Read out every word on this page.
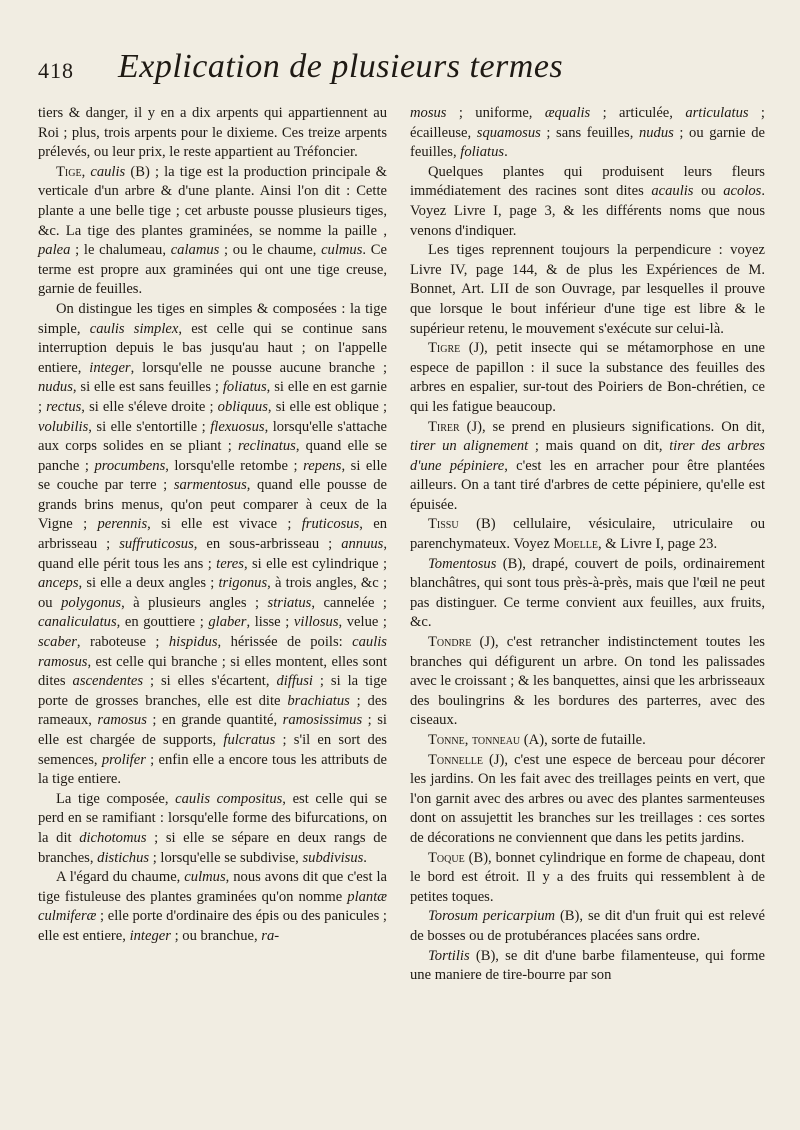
418 Explication de plusieurs termes

tiers & danger, il y en a dix arpents qui appartiennent au Roi ; plus, trois arpents pour le dixieme. Ces treize arpents prélevés, ou leur prix, le reste appartient au Tréfoncier.

Tige, caulis (B) ; la tige est la production principale & verticale d'un arbre & d'une plante. Ainsi l'on dit : Cette plante a une belle tige ; cet arbuste pousse plusieurs tiges, &c. La tige des plantes graminées, se nomme la paille , palea ; le chalumeau, calamus ; ou le chaume, culmus. Ce terme est propre aux graminées qui ont une tige creuse, garnie de feuilles.

On distingue les tiges en simples & composées : la tige simple, caulis simplex, est celle qui se continue sans interruption depuis le bas jusqu'au haut ; on l'appelle entiere, integer, lorsqu'elle ne pousse aucune branche ; nudus, si elle est sans feuilles ; foliatus, si elle en est garnie ; rectus, si elle s'éleve droite ; obliquus, si elle est oblique ; volubilis, si elle s'entortille ; flexuosus, lorsqu'elle s'attache aux corps solides en se pliant ; reclinatus, quand elle se panche ; procumbens, lorsqu'elle retombe ; repens, si elle se couche par terre ; sarmentosus, quand elle pousse de grands brins menus, qu'on peut comparer à ceux de la Vigne ; perennis, si elle est vivace ; fruticosus, en arbrisseau ; suffruticosus, en sous-arbrisseau ; annuus, quand elle périt tous les ans ; teres, si elle est cylindrique ; anceps, si elle a deux angles ; trigonus, à trois angles, &c ; ou polygonus, à plusieurs angles ; striatus, cannelée ; canaliculatus, en gouttiere ; glaber, lisse ; villosus, velue ; scaber, raboteuse ; hispidus, hérissée de poils: caulis ramosus, est celle qui branche ; si elles montent, elles sont dites ascendentes ; si elles s'écartent, diffusi ; si la tige porte de grosses branches, elle est dite brachiatus ; des rameaux, ramosus ; en grande quantité, ramosissimus ; si elle est chargée de supports, fulcratus ; s'il en sort des semences, prolifer ; enfin elle a encore tous les attributs de la tige entiere.

La tige composée, caulis compositus, est celle qui se perd en se ramifiant : lorsqu'elle forme des bifurcations, on la dit dichotomus ; si elle se sépare en deux rangs de branches, distichus ; lorsqu'elle se subdivise, subdivisus.

A l'égard du chaume, culmus, nous avons dit que c'est la tige fistuleuse des plantes graminées qu'on nomme plantæ culmiferæ ; elle porte d'ordinaire des épis ou des panicules ; elle est entiere, integer ; ou branchue, ra-

mosus ; uniforme, æqualis ; articulée, articulatus ; écailleuse, squamosus ; sans feuilles, nudus ; ou garnie de feuilles, foliatus.

Quelques plantes qui produisent leurs fleurs immédiatement des racines sont dites acaulis ou acolos. Voyez Livre I, page 3, & les différents noms que nous venons d'indiquer.

Les tiges reprennent toujours la perpendicure : voyez Livre IV, page 144, & de plus les Expériences de M. Bonnet, Art. LII de son Ouvrage, par lesquelles il prouve que lorsque le bout inférieur d'une tige est libre & le supérieur retenu, le mouvement s'exécute sur celui-là.

Tigre (J), petit insecte qui se métamorphose en une espece de papillon : il suce la substance des feuilles des arbres en espalier, sur-tout des Poiriers de Bon-chrétien, ce qui les fatigue beaucoup.

Tirer (J), se prend en plusieurs significations. On dit, tirer un alignement ; mais quand on dit, tirer des arbres d'une pépiniere, c'est les en arracher pour être plantées ailleurs. On a tant tiré d'arbres de cette pépiniere, qu'elle est épuisée.

Tissu (B) cellulaire, vésiculaire, utriculaire ou parenchymateux. Voyez Moelle, & Livre I, page 23.

Tomentosus (B), drapé, couvert de poils, ordinairement blanchâtres, qui sont tous près-à-près, mais que l'œil ne peut pas distinguer. Ce terme convient aux feuilles, aux fruits, &c.

Tondre (J), c'est retrancher indistinctement toutes les branches qui défigurent un arbre. On tond les palissades avec le croissant ; & les banquettes, ainsi que les arbrisseaux des boulingrins & les bordures des parterres, avec des ciseaux.

Tonne, tonneau (A), sorte de futaille.

Tonnelle (J), c'est une espece de berceau pour décorer les jardins. On les fait avec des treillages peints en vert, que l'on garnit avec des arbres ou avec des plantes sarmenteuses dont on assujettit les branches sur les treillages : ces sortes de décorations ne conviennent que dans les petits jardins.

Toque (B), bonnet cylindrique en forme de chapeau, dont le bord est étroit. Il y a des fruits qui ressemblent à de petites toques.

Torosum pericarpium (B), se dit d'un fruit qui est relevé de bosses ou de protubérances placées sans ordre.

Tortilis (B), se dit d'une barbe filamenteuse, qui forme une maniere de tire-bourre par son
